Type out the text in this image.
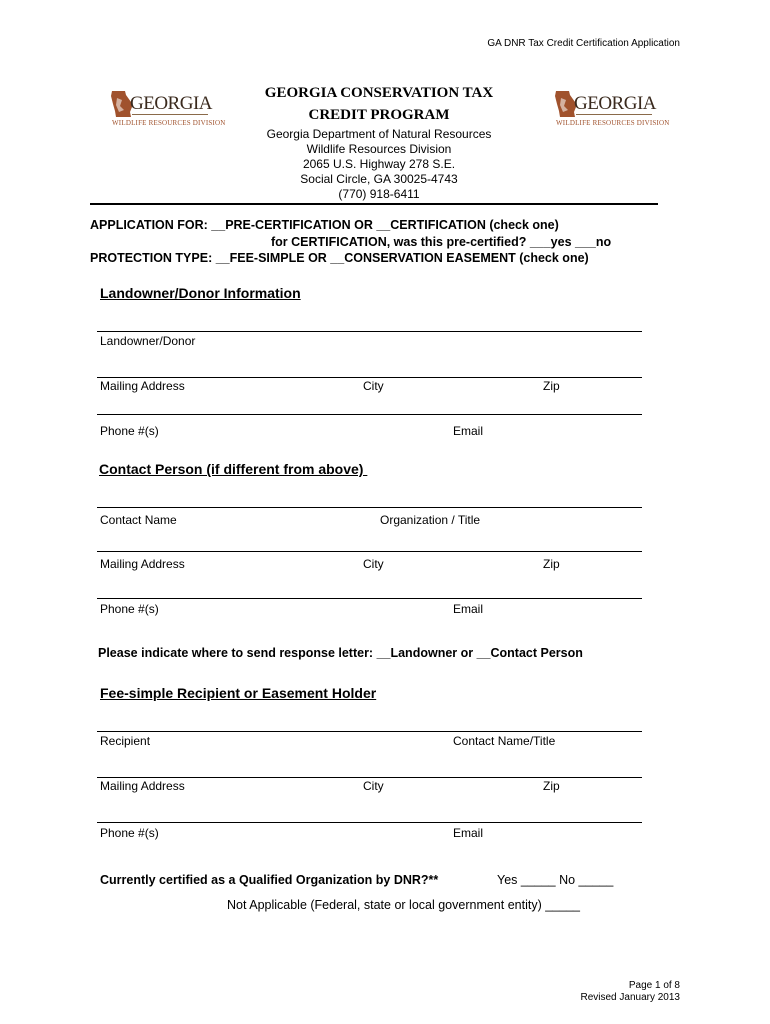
GA DNR Tax Credit Certification Application
GEORGIA
WILDLIFE RESOURCES DIVISION
GEORGIA CONSERVATION TAX
CREDIT PROGRAM
Georgia Department of Natural Resources
Wildlife Resources Division
2065 U.S. Highway 278 S.E.
Social Circle, GA 30025-4743
(770) 918-6411
GEORGIA
WILDLIFE RESOURCES DIVISION
APPLICATION FOR: __PRE-CERTIFICATION OR __CERTIFICATION (check one)
for CERTIFICATION, was this pre-certified? ___yes ___no
PROTECTION TYPE: __FEE-SIMPLE OR __CONSERVATION EASEMENT (check one)
Landowner/Donor Information
Landowner/Donor
Mailing Address	City	Zip
Phone #(s)	Email
Contact Person (if different from above)
Contact Name	Organization / Title
Mailing Address	City	Zip
Phone #(s)	Email
Please indicate where to send response letter: __Landowner or __Contact Person
Fee-simple Recipient or Easement Holder
Recipient	Contact Name/Title
Mailing Address	City	Zip
Phone #(s)	Email
Currently certified as a Qualified Organization by DNR?**	Yes _____ No _____
Not Applicable (Federal, state or local government entity) _____
Page 1 of 8
Revised January 2013
